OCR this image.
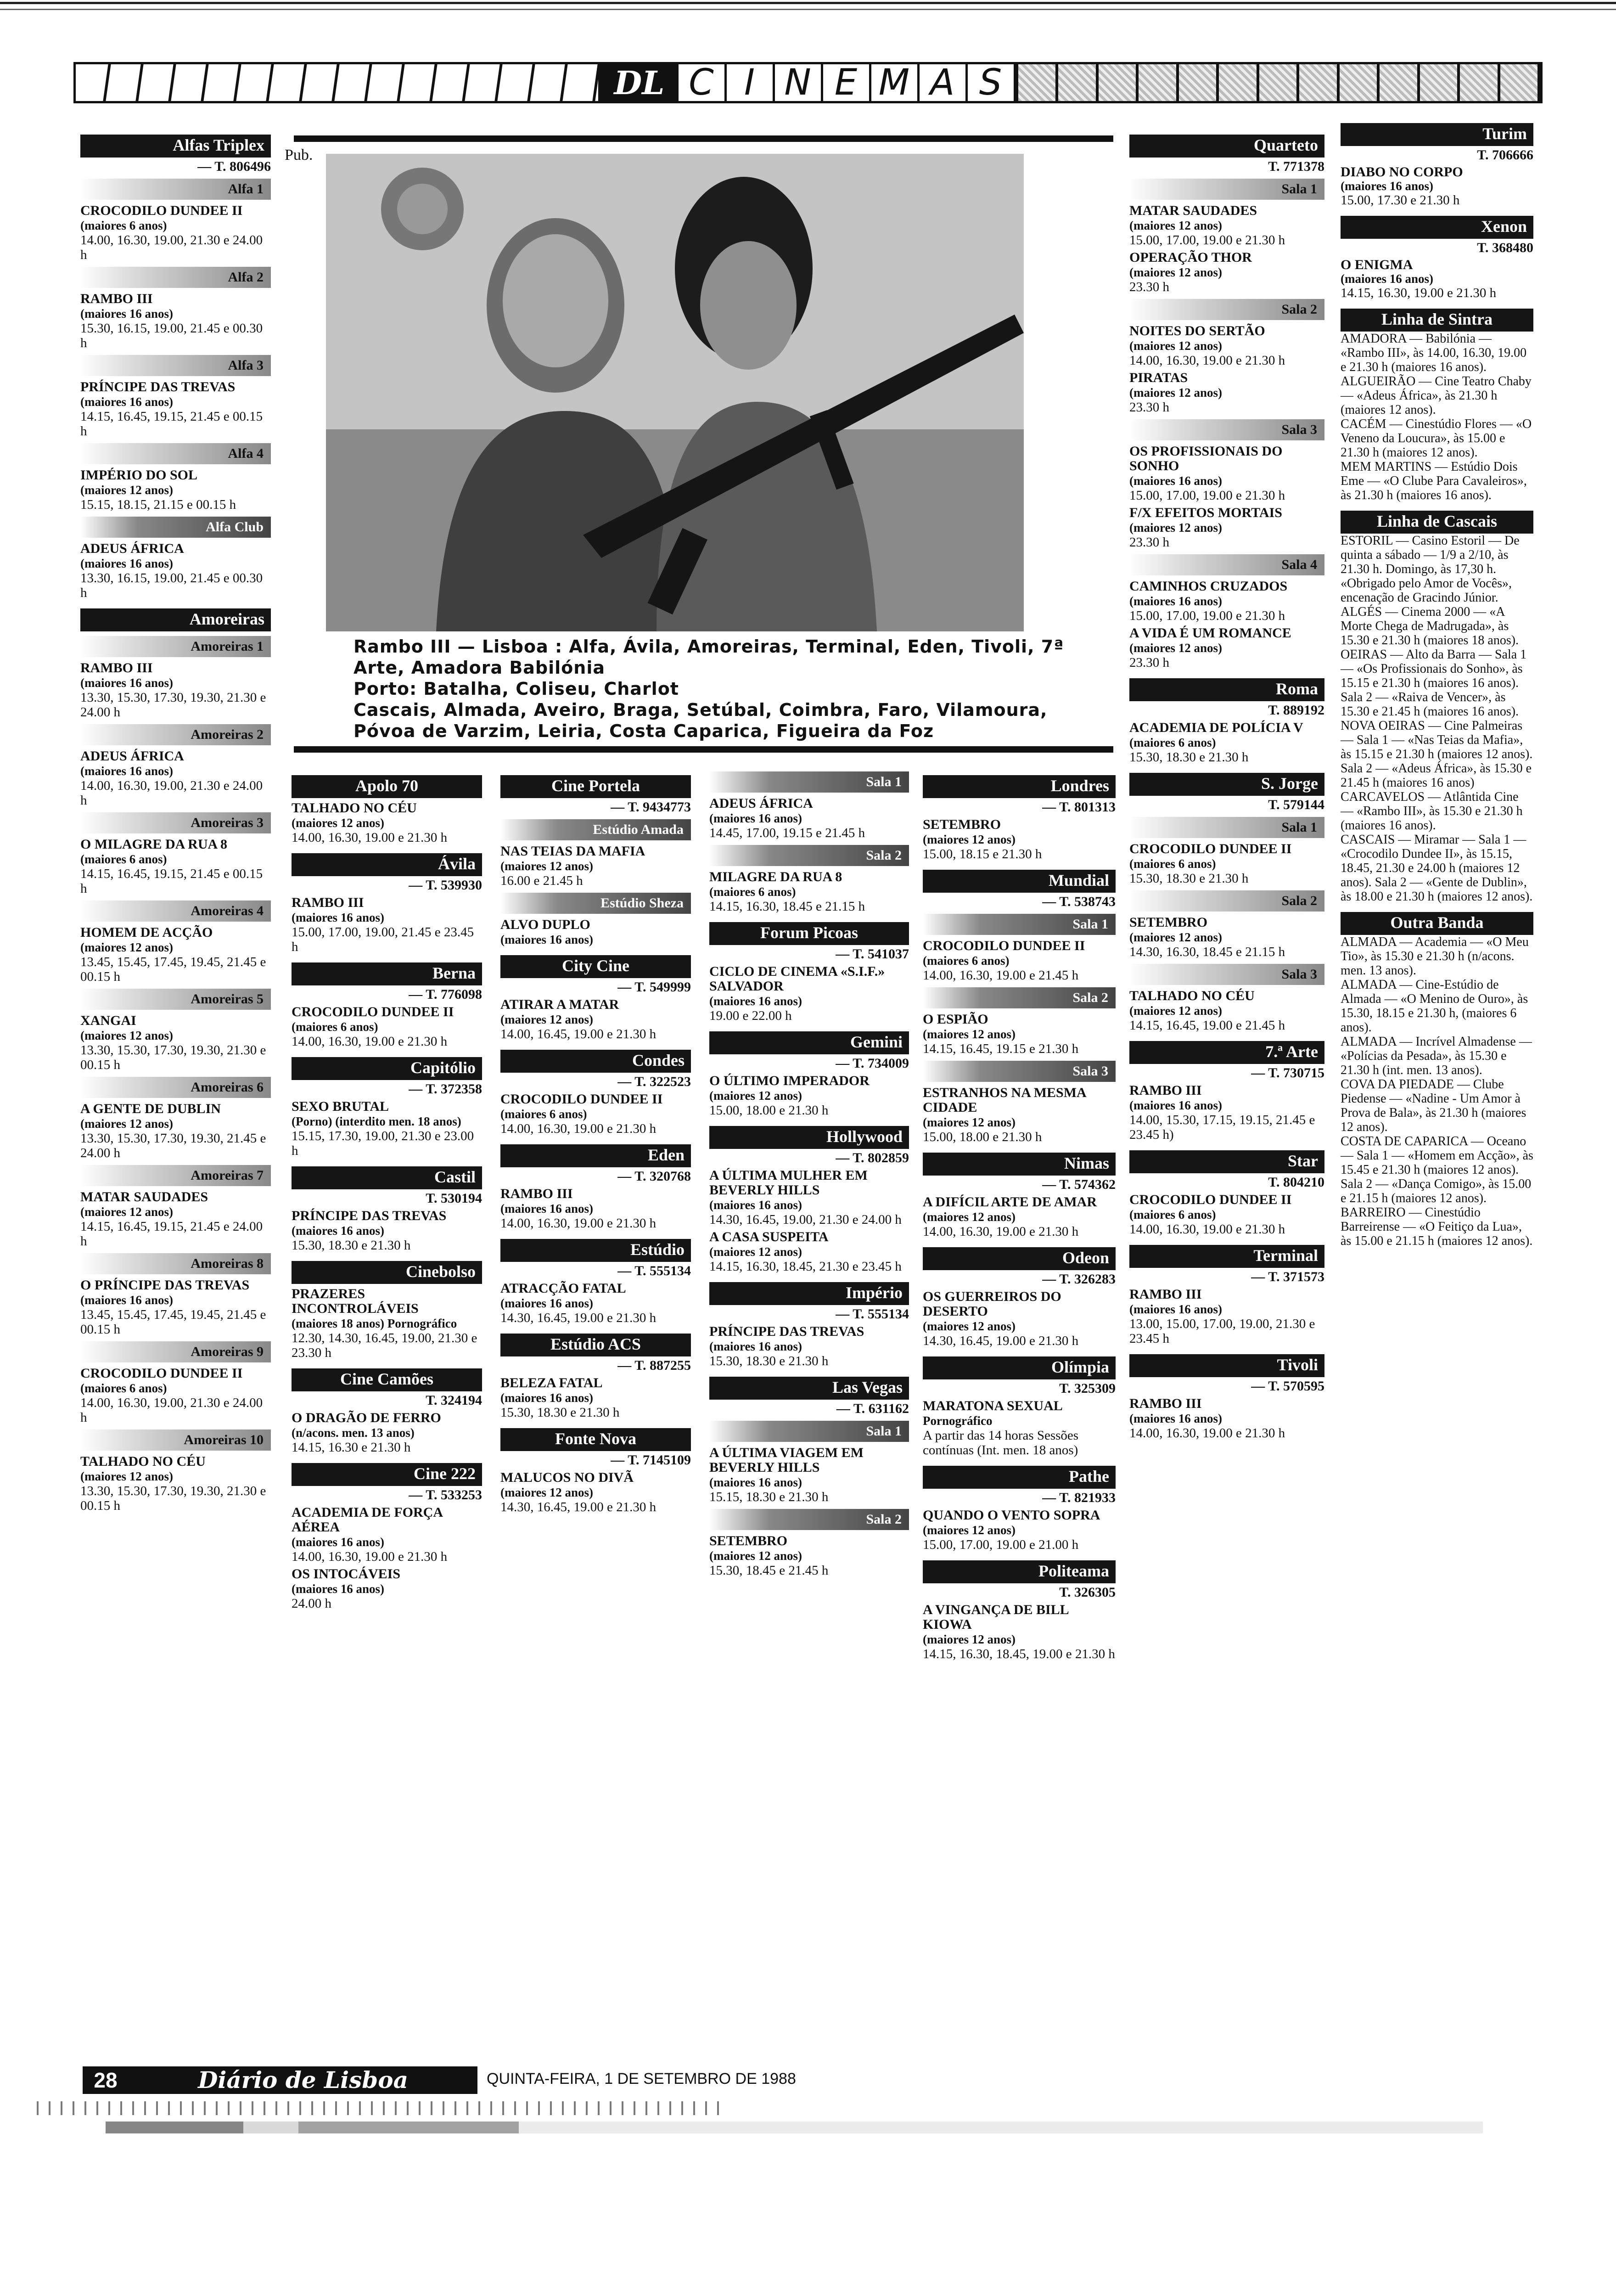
DL C I N E M A S
Pub.

Rambo III — Lisboa : Alfa, Ávila, Amoreiras, Terminal, Eden, Tivoli, 7ª

Arte, Amadora Babilónia

Porto: Batalha, Coliseu, Charlot

Cascais, Almada, Aveiro, Braga, Setúbal, Coimbra, Faro, Vilamoura,

Póvoa de Varzim, Leiria, Costa Caparica, Figueira da Foz

Alfas Triplex
— T. 806496
Alfa 1
CROCODILO DUNDEE II
(maiores 6 anos)
14.00, 16.30, 19.00, 21.30 e 24.00 h
Alfa 2
RAMBO III
(maiores 16 anos)
15.30, 16.15, 19.00, 21.45 e 00.30 h
Alfa 3
PRÍNCIPE DAS TREVAS
(maiores 16 anos)
14.15, 16.45, 19.15, 21.45 e 00.15 h
Alfa 4
IMPÉRIO DO SOL
(maiores 12 anos)
15.15, 18.15, 21.15 e 00.15 h
Alfa Club
ADEUS ÁFRICA
(maiores 16 anos)
13.30, 16.15, 19.00, 21.45 e 00.30 h
Amoreiras
Amoreiras 1
RAMBO III
(maiores 16 anos)
13.30, 15.30, 17.30, 19.30, 21.30 e 24.00 h
Amoreiras 2
ADEUS ÁFRICA
(maiores 16 anos)
14.00, 16.30, 19.00, 21.30 e 24.00 h
Amoreiras 3
O MILAGRE DA RUA 8
(maiores 6 anos)
14.15, 16.45, 19.15, 21.45 e 00.15 h
Amoreiras 4
HOMEM DE ACÇÃO
(maiores 12 anos)
13.45, 15.45, 17.45, 19.45, 21.45 e 00.15 h
Amoreiras 5
XANGAI
(maiores 12 anos)
13.30, 15.30, 17.30, 19.30, 21.30 e 00.15 h
Amoreiras 6
A GENTE DE DUBLIN
(maiores 12 anos)
13.30, 15.30, 17.30, 19.30, 21.45 e 24.00 h
Amoreiras 7
MATAR SAUDADES
(maiores 12 anos)
14.15, 16.45, 19.15, 21.45 e 24.00 h
Amoreiras 8
O PRÍNCIPE DAS TREVAS
(maiores 16 anos)
13.45, 15.45, 17.45, 19.45, 21.45 e 00.15 h
Amoreiras 9
CROCODILO DUNDEE II
(maiores 6 anos)
14.00, 16.30, 19.00, 21.30 e 24.00 h
Amoreiras 10
TALHADO NO CÉU
(maiores 12 anos)
13.30, 15.30, 17.30, 19.30, 21.30 e 00.15 h
Apolo 70
TALHADO NO CÉU
(maiores 12 anos)
14.00, 16.30, 19.00 e 21.30 h
Ávila
— T. 539930
RAMBO III
(maiores 16 anos)
15.00, 17.00, 19.00, 21.45 e 23.45 h
Berna
— T. 776098
CROCODILO DUNDEE II
(maiores 6 anos)
14.00, 16.30, 19.00 e 21.30 h
Capitólio
— T. 372358
SEXO BRUTAL
(Porno) (interdito men. 18 anos)
15.15, 17.30, 19.00, 21.30 e 23.00 h
Castil
T. 530194
PRÍNCIPE DAS TREVAS
(maiores 16 anos)
15.30, 18.30 e 21.30 h
Cinebolso
PRAZERES INCONTROLÁVEIS
(maiores 18 anos) Pornográfico
12.30, 14.30, 16.45, 19.00, 21.30 e 23.30 h
Cine Camões
T. 324194
O DRAGÃO DE FERRO
(n/acons. men. 13 anos)
14.15, 16.30 e 21.30 h
Cine 222
— T. 533253
ACADEMIA DE FORÇA AÉREA
(maiores 16 anos)
14.00, 16.30, 19.00 e 21.30 h
OS INTOCÁVEIS
(maiores 16 anos)
24.00 h
Cine Portela
— T. 9434773
Estúdio Amada
NAS TEIAS DA MAFIA
(maiores 12 anos)
16.00 e 21.45 h
Estúdio Sheza
ALVO DUPLO
(maiores 16 anos)
City Cine
— T. 549999
ATIRAR A MATAR
(maiores 12 anos)
14.00, 16.45, 19.00 e 21.30 h
Condes
— T. 322523
CROCODILO DUNDEE II
(maiores 6 anos)
14.00, 16.30, 19.00 e 21.30 h
Eden
— T. 320768
RAMBO III
(maiores 16 anos)
14.00, 16.30, 19.00 e 21.30 h
Estúdio
— T. 555134
ATRACÇÃO FATAL
(maiores 16 anos)
14.30, 16.45, 19.00 e 21.30 h
Estúdio ACS
— T. 887255
BELEZA FATAL
(maiores 16 anos)
15.30, 18.30 e 21.30 h
Fonte Nova
— T. 7145109
MALUCOS NO DIVÃ
(maiores 12 anos)
14.30, 16.45, 19.00 e 21.30 h
Sala 1
ADEUS ÁFRICA
(maiores 16 anos)
14.45, 17.00, 19.15 e 21.45 h
Sala 2
MILAGRE DA RUA 8
(maiores 6 anos)
14.15, 16.30, 18.45 e 21.15 h
Forum Picoas
— T. 541037
CICLO DE CINEMA «S.I.F.» SALVADOR
(maiores 16 anos)
19.00 e 22.00 h
Gemini
— T. 734009
O ÚLTIMO IMPERADOR
(maiores 12 anos)
15.00, 18.00 e 21.30 h
Hollywood
— T. 802859
A ÚLTIMA MULHER EM BEVERLY HILLS
(maiores 16 anos)
14.30, 16.45, 19.00, 21.30 e 24.00 h
A CASA SUSPEITA
(maiores 12 anos)
14.15, 16.30, 18.45, 21.30 e 23.45 h
Império
— T. 555134
PRÍNCIPE DAS TREVAS
(maiores 16 anos)
15.30, 18.30 e 21.30 h
Las Vegas
— T. 631162
Sala 1
A ÚLTIMA VIAGEM EM BEVERLY HILLS
(maiores 16 anos)
15.15, 18.30 e 21.30 h
Sala 2
SETEMBRO
(maiores 12 anos)
15.30, 18.45 e 21.45 h
Londres
— T. 801313
SETEMBRO
(maiores 12 anos)
15.00, 18.15 e 21.30 h
Mundial
— T. 538743
Sala 1
CROCODILO DUNDEE II
(maiores 6 anos)
14.00, 16.30, 19.00 e 21.45 h
Sala 2
O ESPIÃO
(maiores 12 anos)
14.15, 16.45, 19.15 e 21.30 h
Sala 3
ESTRANHOS NA MESMA CIDADE
(maiores 12 anos)
15.00, 18.00 e 21.30 h
Nimas
— T. 574362
A DIFÍCIL ARTE DE AMAR
(maiores 12 anos)
14.00, 16.30, 19.00 e 21.30 h
Odeon
— T. 326283
OS GUERREIROS DO DESERTO
(maiores 12 anos)
14.30, 16.45, 19.00 e 21.30 h
Olímpia
T. 325309
MARATONA SEXUAL
Pornográfico
A partir das 14 horas Sessões contínuas (Int. men. 18 anos)
Pathe
— T. 821933
QUANDO O VENTO SOPRA
(maiores 12 anos)
15.00, 17.00, 19.00 e 21.00 h
Politeama
T. 326305
A VINGANÇA DE BILL KIOWA
(maiores 12 anos)
14.15, 16.30, 18.45, 19.00 e 21.30 h
Quarteto
T. 771378
Sala 1
MATAR SAUDADES
(maiores 12 anos)
15.00, 17.00, 19.00 e 21.30 h
OPERAÇÃO THOR
(maiores 12 anos)
23.30 h
Sala 2
NOITES DO SERTÃO
(maiores 12 anos)
14.00, 16.30, 19.00 e 21.30 h
PIRATAS
(maiores 12 anos)
23.30 h
Sala 3
OS PROFISSIONAIS DO SONHO
(maiores 16 anos)
15.00, 17.00, 19.00 e 21.30 h
F/X EFEITOS MORTAIS
(maiores 12 anos)
23.30 h
Sala 4
CAMINHOS CRUZADOS
(maiores 16 anos)
15.00, 17.00, 19.00 e 21.30 h
A VIDA É UM ROMANCE
(maiores 12 anos)
23.30 h
Roma
T. 889192
ACADEMIA DE POLÍCIA V
(maiores 6 anos)
15.30, 18.30 e 21.30 h
S. Jorge
T. 579144
Sala 1
CROCODILO DUNDEE II
(maiores 6 anos)
15.30, 18.30 e 21.30 h
Sala 2
SETEMBRO
(maiores 12 anos)
14.30, 16.30, 18.45 e 21.15 h
Sala 3
TALHADO NO CÉU
(maiores 12 anos)
14.15, 16.45, 19.00 e 21.45 h
7.ª Arte
— T. 730715
RAMBO III
(maiores 16 anos)
14.00, 15.30, 17.15, 19.15, 21.45 e 23.45 h)
Star
T. 804210
CROCODILO DUNDEE II
(maiores 6 anos)
14.00, 16.30, 19.00 e 21.30 h
Terminal
— T. 371573
RAMBO III
(maiores 16 anos)
13.00, 15.00, 17.00, 19.00, 21.30 e 23.45 h
Tivoli
— T. 570595
RAMBO III
(maiores 16 anos)
14.00, 16.30, 19.00 e 21.30 h
Turim
T. 706666
DIABO NO CORPO
(maiores 16 anos)
15.00, 17.30 e 21.30 h
Xenon
T. 368480
O ENIGMA
(maiores 16 anos)
14.15, 16.30, 19.00 e 21.30 h
Linha de Sintra

AMADORA — Babilónia — «Rambo III», às 14.00, 16.30, 19.00 e 21.30 h (maiores 16 anos).

ALGUEIRÃO — Cine Teatro Chaby — «Adeus África», às 21.30 h (maiores 12 anos).

CACÉM — Cinestúdio Flores — «O Veneno da Loucura», às 15.00 e 21.30 h (maiores 12 anos).

MEM MARTINS — Estúdio Dois Eme — «O Clube Para Cavaleiros», às 21.30 h (maiores 16 anos).

Linha de Cascais

ESTORIL — Casino Estoril — De quinta a sábado — 1/9 a 2/10, às 21.30 h. Domingo, às 17,30 h. «Obrigado pelo Amor de Vocês», encenação de Gracindo Júnior.

ALGÉS — Cinema 2000 — «A Morte Chega de Madrugada», às 15.30 e 21.30 h (maiores 18 anos).

OEIRAS — Alto da Barra — Sala 1 — «Os Profissionais do Sonho», às 15.15 e 21.30 h (maiores 16 anos). Sala 2 — «Raiva de Vencer», às 15.30 e 21.45 h (maiores 16 anos).

NOVA OEIRAS — Cine Palmeiras — Sala 1 — «Nas Teias da Mafia», às 15.15 e 21.30 h (maiores 12 anos). Sala 2 — «Adeus África», às 15.30 e 21.45 h (maiores 16 anos)

CARCAVELOS — Atlântida Cine — «Rambo III», às 15.30 e 21.30 h (maiores 16 anos).

CASCAIS — Miramar — Sala 1 — «Crocodilo Dundee II», às 15.15, 18.45, 21.30 e 24.00 h (maiores 12 anos). Sala 2 — «Gente de Dublin», às 18.00 e 21.30 h (maiores 12 anos).

Outra Banda

ALMADA — Academia — «O Meu Tio», às 15.30 e 21.30 h (n/acons. men. 13 anos).

ALMADA — Cine-Estúdio de Almada — «O Menino de Ouro», às 15.30, 18.15 e 21.30 h, (maiores 6 anos).

ALMADA — Incrível Almadense — «Polícias da Pesada», às 15.30 e 21.30 h (int. men. 13 anos).

COVA DA PIEDADE — Clube Piedense — «Nadine - Um Amor à Prova de Bala», às 21.30 h (maiores 12 anos).

COSTA DE CAPARICA — Oceano — Sala 1 — «Homem em Acção», às 15.45 e 21.30 h (maiores 12 anos). Sala 2 — «Dança Comigo», às 15.00 e 21.15 h (maiores 12 anos).

BARREIRO — Cinestúdio Barreirense — «O Feitiço da Lua», às 15.00 e 21.15 h (maiores 12 anos).

28	Diário de Lisboa	QUINTA-FEIRA, 1 DE SETEMBRO DE 1988
